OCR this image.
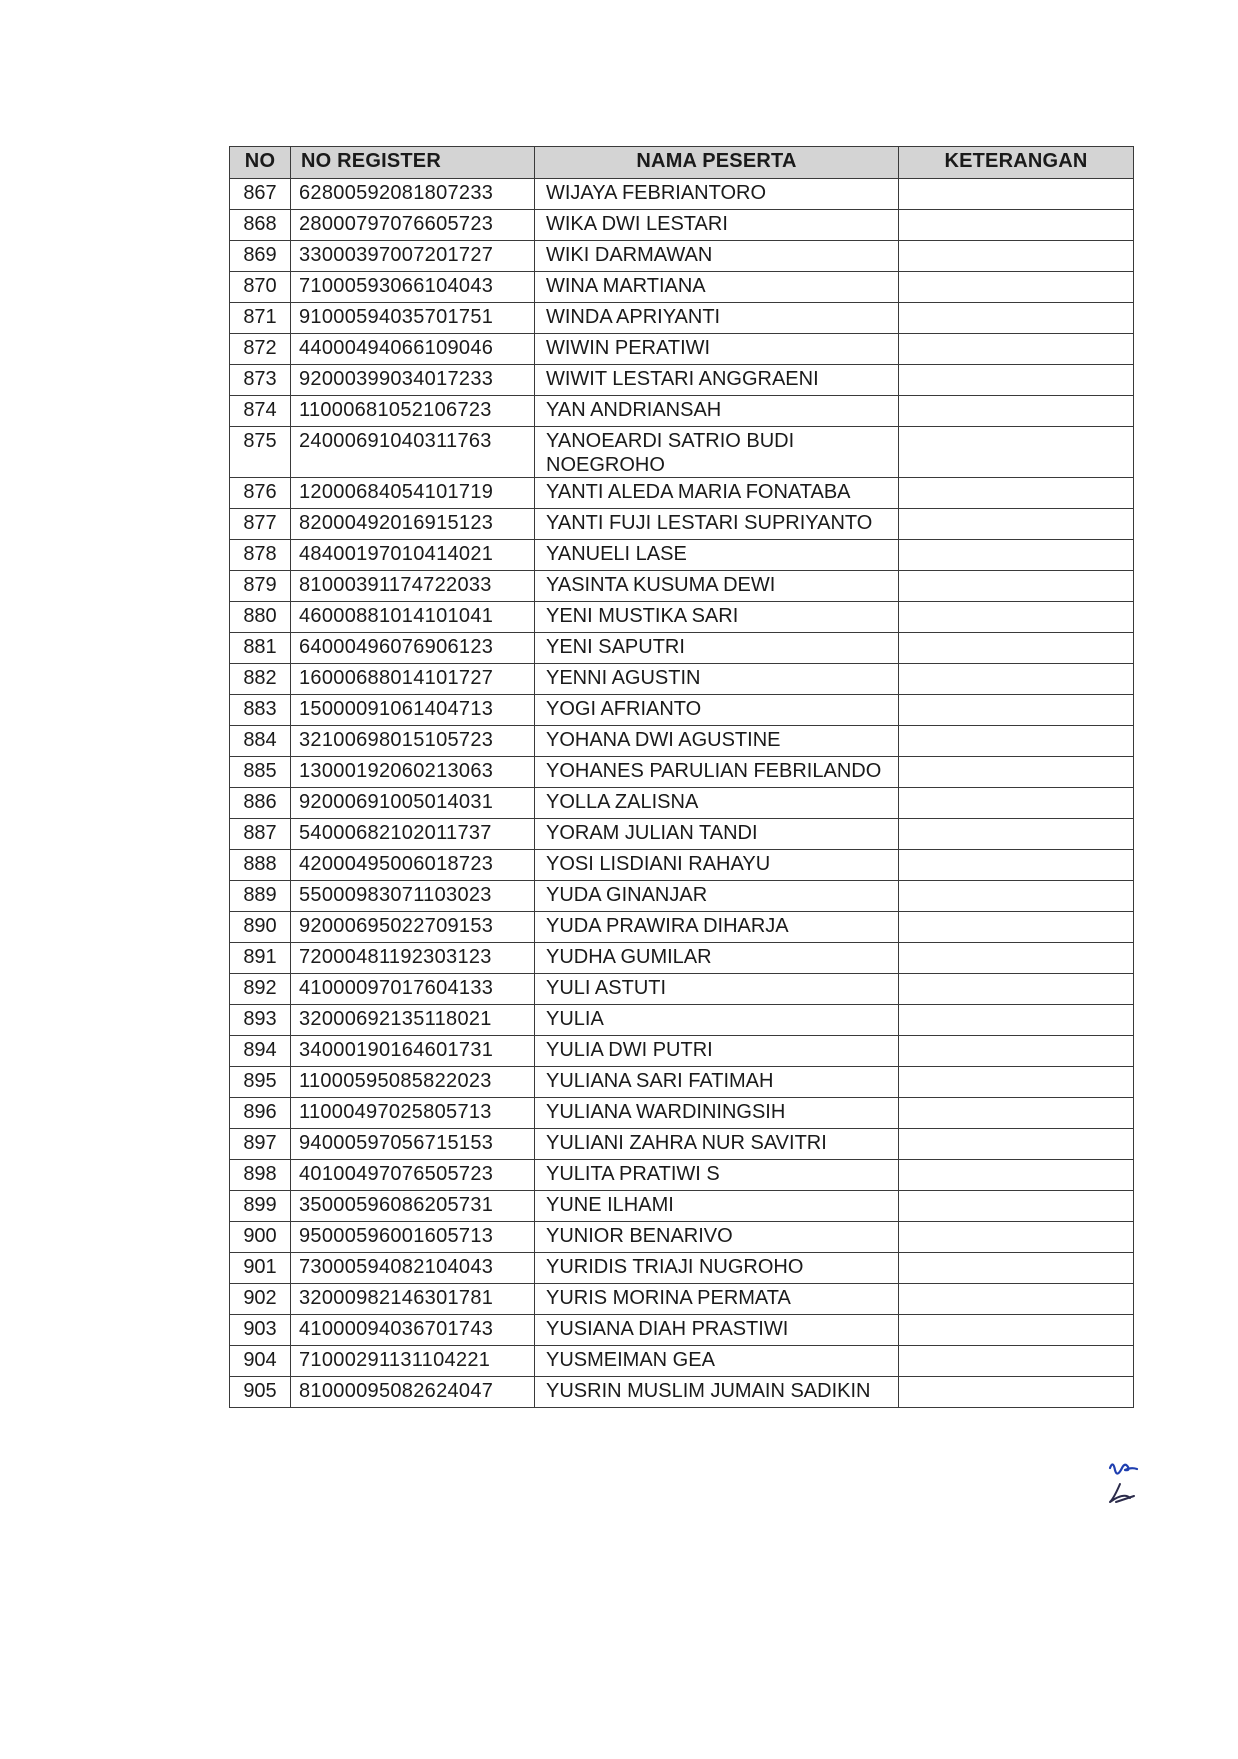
NO	NO REGISTER	NAMA PESERTA	KETERANGAN
867	62800592081807233	WIJAYA FEBRIANTORO	
868	28000797076605723	WIKA DWI LESTARI	
869	33000397007201727	WIKI DARMAWAN	
870	71000593066104043	WINA MARTIANA	
871	91000594035701751	WINDA APRIYANTI	
872	44000494066109046	WIWIN PERATIWI	
873	92000399034017233	WIWIT LESTARI ANGGRAENI	
874	11000681052106723	YAN ANDRIANSAH	
875	24000691040311763	YANOEARDI SATRIO BUDI NOEGROHO	
876	12000684054101719	YANTI ALEDA MARIA FONATABA	
877	82000492016915123	YANTI FUJI LESTARI SUPRIYANTO	
878	48400197010414021	YANUELI LASE	
879	81000391174722033	YASINTA KUSUMA DEWI	
880	46000881014101041	YENI MUSTIKA SARI	
881	64000496076906123	YENI SAPUTRI	
882	16000688014101727	YENNI AGUSTIN	
883	15000091061404713	YOGI AFRIANTO	
884	32100698015105723	YOHANA DWI AGUSTINE	
885	13000192060213063	YOHANES PARULIAN FEBRILANDO	
886	92000691005014031	YOLLA ZALISNA	
887	54000682102011737	YORAM JULIAN TANDI	
888	42000495006018723	YOSI LISDIANI RAHAYU	
889	55000983071103023	YUDA GINANJAR	
890	92000695022709153	YUDA PRAWIRA DIHARJA	
891	72000481192303123	YUDHA GUMILAR	
892	41000097017604133	YULI ASTUTI	
893	32000692135118021	YULIA	
894	34000190164601731	YULIA DWI PUTRI	
895	11000595085822023	YULIANA SARI FATIMAH	
896	11000497025805713	YULIANA WARDININGSIH	
897	94000597056715153	YULIANI ZAHRA NUR SAVITRI	
898	40100497076505723	YULITA PRATIWI S	
899	35000596086205731	YUNE ILHAMI	
900	95000596001605713	YUNIOR BENARIVO	
901	73000594082104043	YURIDIS TRIAJI NUGROHO	
902	32000982146301781	YURIS MORINA PERMATA	
903	41000094036701743	YUSIANA DIAH PRASTIWI	
904	71000291131104221	YUSMEIMAN GEA	
905	81000095082624047	YUSRIN MUSLIM JUMAIN SADIKIN	
